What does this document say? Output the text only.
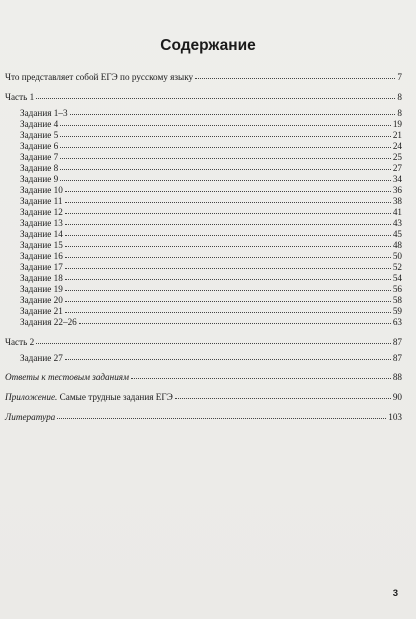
Содержание
Что представляет собой ЕГЭ по русскому языку	7
Часть 1	8
Задания 1–3	8
Задание 4	19
Задание 5	21
Задание 6	24
Задание 7	25
Задание 8	27
Задание 9	34
Задание 10	36
Задание 11	38
Задание 12	41
Задание 13	43
Задание 14	45
Задание 15	48
Задание 16	50
Задание 17	52
Задание 18	54
Задание 19	56
Задание 20	58
Задание 21	59
Задания 22–26	63
Часть 2	87
Задание 27	87
Ответы к тестовым заданиям	88
Приложение. Самые трудные задания ЕГЭ	90
Литература	103
3
